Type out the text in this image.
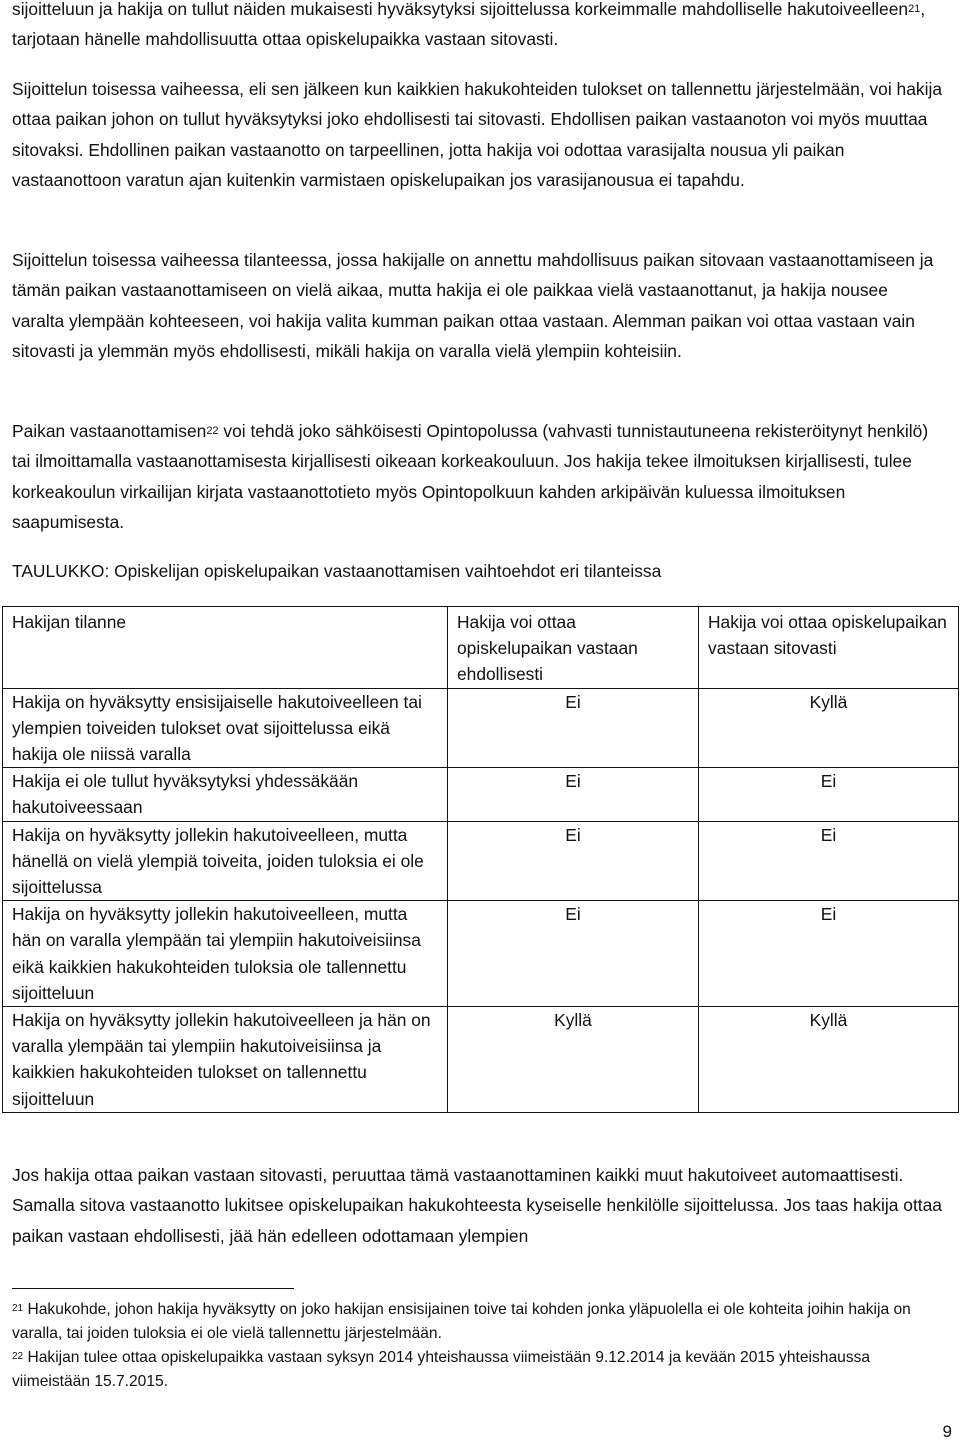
sijoitteluun ja hakija on tullut näiden mukaisesti hyväksytyksi sijoittelussa korkeimmalle mahdolliselle hakutoiveelleen$^{21}$, tarjotaan hänelle mahdollisuutta ottaa opiskelupaikka vastaan sitovasti.

Sijoittelun toisessa vaiheessa, eli sen jälkeen kun kaikkien hakukohteiden tulokset on tallennettu järjestelmään, voi hakija ottaa paikan johon on tullut hyväksytyksi joko ehdollisesti tai sitovasti. Ehdollisen paikan vastaanoton voi myös muuttaa sitovaksi. Ehdollinen paikan vastaanotto on tarpeellinen, jotta hakija voi odottaa varasijalta nousua yli paikan vastaanottoon varatun ajan kuitenkin varmistaen opiskelupaikan jos varasijanousua ei tapahdu.

Sijoittelun toisessa vaiheessa tilanteessa, jossa hakijalle on annettu mahdollisuus paikan sitovaan vastaanottamiseen ja tämän paikan vastaanottamiseen on vielä aikaa, mutta hakija ei ole paikkaa vielä vastaanottanut, ja hakija nousee varalta ylempään kohteeseen, voi hakija valita kumman paikan ottaa vastaan. Alemman paikan voi ottaa vastaan vain sitovasti ja ylemmän myös ehdollisesti, mikäli hakija on varalla vielä ylempiin kohteisiin.

Paikan vastaanottamisen$^{22}$ voi tehdä joko sähköisesti Opintopolussa (vahvasti tunnistautuneena rekisteröitynyt henkilö) tai ilmoittamalla vastaanottamisesta kirjallisesti oikeaan korkeakouluun. Jos hakija tekee ilmoituksen kirjallisesti, tulee korkeakoulun virkailijan kirjata vastaanottotieto myös Opintopolkuun kahden arkipäivän kuluessa ilmoituksen saapumisesta.

TAULUKKO: Opiskelijan opiskelupaikan vastaanottamisen vaihtoehdot eri tilanteissa

Hakijan tilanne	Hakija voi ottaa opiskelupaikan vastaan ehdollisesti	Hakija voi ottaa opiskelupaikan vastaan sitovasti
Hakija on hyväksytty ensisijaiselle hakutoiveelleen tai ylempien toiveiden tulokset ovat sijoittelussa eikä hakija ole niissä varalla	Ei	Kyllä
Hakija ei ole tullut hyväksytyksi yhdessäkään hakutoiveessaan	Ei	Ei
Hakija on hyväksytty jollekin hakutoiveelleen, mutta hänellä on vielä ylempiä toiveita, joiden tuloksia ei ole sijoittelussa	Ei	Ei
Hakija on hyväksytty jollekin hakutoiveelleen, mutta hän on varalla ylempään tai ylempiin hakutoiveisiinsa eikä kaikkien hakukohteiden tuloksia ole tallennettu sijoitteluun	Ei	Ei
Hakija on hyväksytty jollekin hakutoiveelleen ja hän on varalla ylempään tai ylempiin hakutoiveisiinsa ja kaikkien hakukohteiden tulokset on tallennettu sijoitteluun	Kyllä	Kyllä

Jos hakija ottaa paikan vastaan sitovasti, peruuttaa tämä vastaanottaminen kaikki muut hakutoiveet automaattisesti. Samalla sitova vastaanotto lukitsee opiskelupaikan hakukohteesta kyseiselle henkilölle sijoittelussa. Jos taas hakija ottaa paikan vastaan ehdollisesti, jää hän edelleen odottamaan ylempien

$^{21}$ Hakukohde, johon hakija hyväksytty on joko hakijan ensisijainen toive tai kohden jonka yläpuolella ei ole kohteita joihin hakija on varalla, tai joiden tuloksia ei ole vielä tallennettu järjestelmään.

$^{22}$ Hakijan tulee ottaa opiskelupaikka vastaan syksyn 2014 yhteishaussa viimeistään 9.12.2014 ja kevään 2015 yhteishaussa viimeistään 15.7.2015.

9
